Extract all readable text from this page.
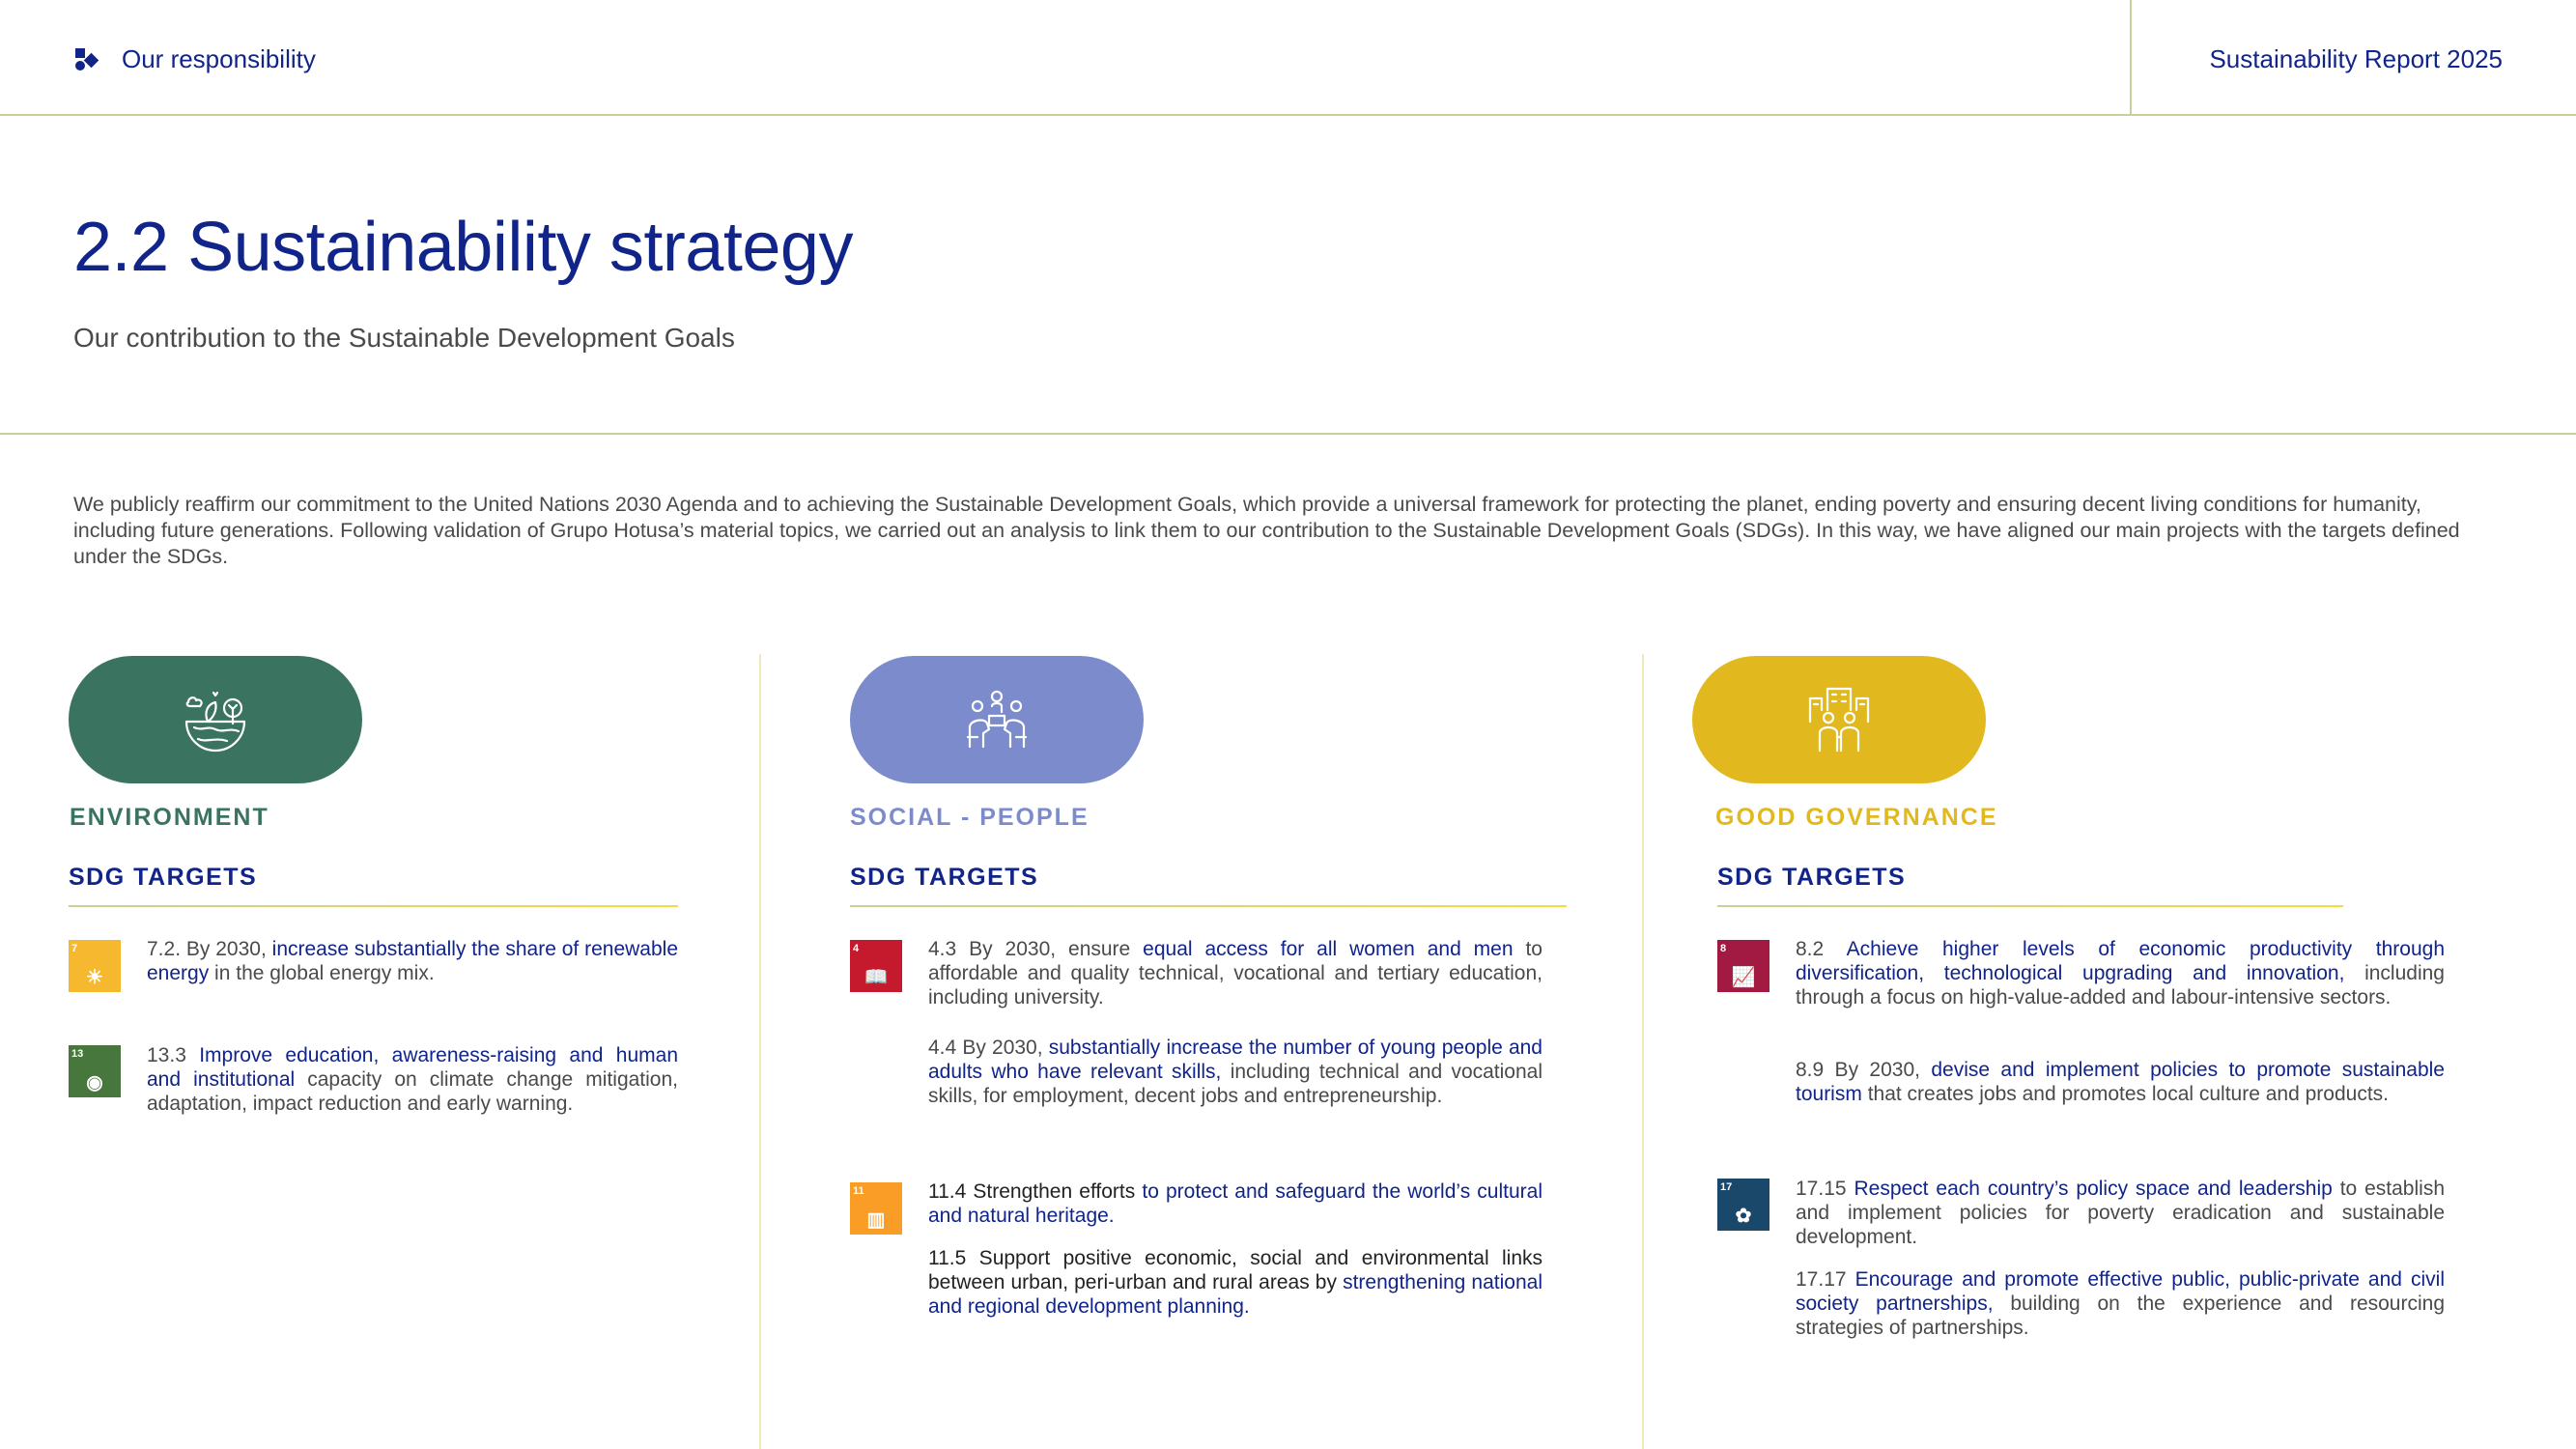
Our responsibility	Sustainability Report 2025
2.2 Sustainability strategy

Our contribution to the Sustainable Development Goals

We publicly reaffirm our commitment to the United Nations 2030 Agenda and to achieving the Sustainable Development Goals, which provide a universal framework for protecting the planet, ending poverty and ensuring decent living conditions for humanity, including future generations. Following validation of Grupo Hotusa’s material topics, we carried out an analysis to link them to our contribution to the Sustainable Development Goals (SDGs). In this way, we have aligned our main projects with the targets defined under the SDGs.

ENVIRONMENT
SDG TARGETS
7
☀

7.2. By 2030, increase substantially the share of renewable energy in the global energy mix.

13
◉

13.3 Improve education, awareness-raising and human and institutional capacity on climate change mitigation, adaptation, impact reduction and early warning.

SOCIAL - PEOPLE
SDG TARGETS
4
📖

4.3 By 2030, ensure equal access for all women and men to affordable and quality technical, vocational and tertiary education, including university.

4.4 By 2030, substantially increase the number of young people and adults who have relevant skills, including technical and vocational skills, for employment, decent jobs and entrepreneurship.

11
▥

11.4 Strengthen efforts to protect and safeguard the world’s cultural and natural heritage.

11.5 Support positive economic, social and environmental links between urban, peri-urban and rural areas by strengthening national and regional development planning.

GOOD GOVERNANCE
SDG TARGETS
8
📈

8.2 Achieve higher levels of economic productivity through diversification, technological upgrading and innovation, including through a focus on high-value-added and labour-intensive sectors.

8.9 By 2030, devise and implement policies to promote sustainable tourism that creates jobs and promotes local culture and products.

17
✿

17.15 Respect each country’s policy space and leadership to establish and implement policies for poverty eradication and sustainable development.

17.17 Encourage and promote effective public, public-private and civil society partnerships, building on the experience and resourcing strategies of partnerships.
